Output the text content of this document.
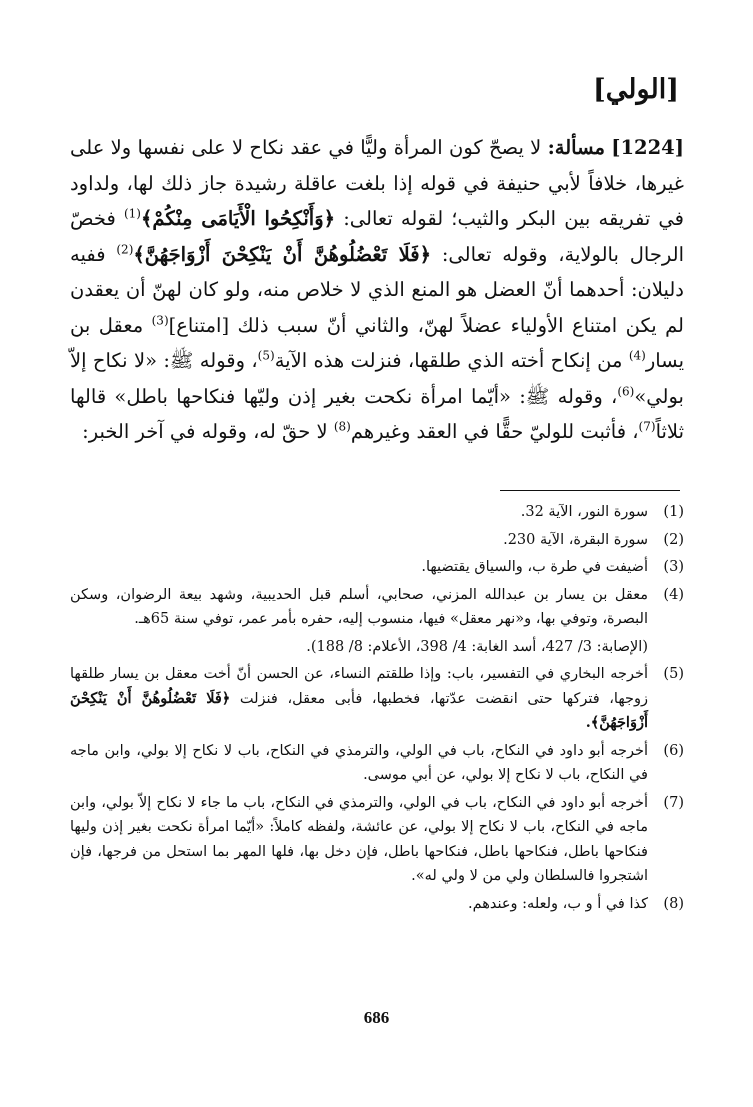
[الولي]

[1224] مسألة: لا يصحّ كون المرأة وليًّا في عقد نكاح لا على نفسها ولا على غيرها، خلافاً لأبي حنيفة في قوله إذا بلغت عاقلة رشيدة جاز ذلك لها، ولداود في تفريقه بين البكر والثيب؛ لقوله تعالى: ﴿وَأَنْكِحُوا الْأَيَامَى مِنْكُمْ﴾$^{(1)}$ فخصّ الرجال بالولاية، وقوله تعالى: ﴿فَلَا تَعْضُلُوهُنَّ أَنْ يَنْكِحْنَ أَزْوَاجَهُنَّ﴾$^{(2)}$ ففيه دليلان: أحدهما أنّ العضل هو المنع الذي لا خلاص منه، ولو كان لهنّ أن يعقدن لم يكن امتناع الأولياء عضلاً لهنّ، والثاني أنّ سبب ذلك [امتناع]$^{(3)}$ معقل بن يسار$^{(4)}$ من إنكاح أخته الذي طلقها، فنزلت هذه الآية$^{(5)}$، وقوله ﷺ: «لا نكاح إلاّ بولي»$^{(6)}$، وقوله ﷺ: «أيّما امرأة نكحت بغير إذن وليّها فنكاحها باطل» قالها ثلاثاً$^{(7)}$، فأثبت للوليّ حقًّا في العقد وغيرهم$^{(8)}$ لا حقّ له، وقوله في آخر الخبر:

(1)
سورة النور، الآية 32.
(2)
سورة البقرة، الآية 230.
(3)
أضيفت في طرة ب، والسياق يقتضيها.
(4)
معقل بن يسار بن عبدالله المزني، صحابي، أسلم قبل الحديبية، وشهد بيعة الرضوان، وسكن البصرة، وتوفي بها، و«نهر معقل» فيها، منسوب إليه، حفره بأمر عمر، توفي سنة 65هـ.
(الإصابة: 3/ 427، أسد الغابة: 4/ 398، الأعلام: 8/ 188).
(5)
أخرجه البخاري في التفسير، باب: وإذا طلقتم النساء، عن الحسن أنّ أخت معقل بن يسار طلقها زوجها، فتركها حتى انقضت عدّتها، فخطبها، فأبى معقل، فنزلت ﴿فَلَا تَعْضُلُوهُنَّ أَنْ يَنْكِحْنَ أَزْوَاجَهُنَّ﴾.
(6)
أخرجه أبو داود في النكاح، باب في الولي، والترمذي في النكاح، باب لا نكاح إلا بولي، وابن ماجه في النكاح، باب لا نكاح إلا بولي، عن أبي موسى.
(7)
أخرجه أبو داود في النكاح، باب في الولي، والترمذي في النكاح، باب ما جاء لا نكاح إلاّ بولي، وابن ماجه في النكاح، باب لا نكاح إلا بولي، عن عائشة، ولفظه كاملاً: «أيّما امرأة نكحت بغير إذن وليها فنكاحها باطل، فنكاحها باطل، فنكاحها باطل، فإن دخل بها، فلها المهر بما استحل من فرجها، فإن اشتجروا فالسلطان ولي من لا ولي له».
(8)
كذا في أ و ب، ولعله: وعندهم.
686
